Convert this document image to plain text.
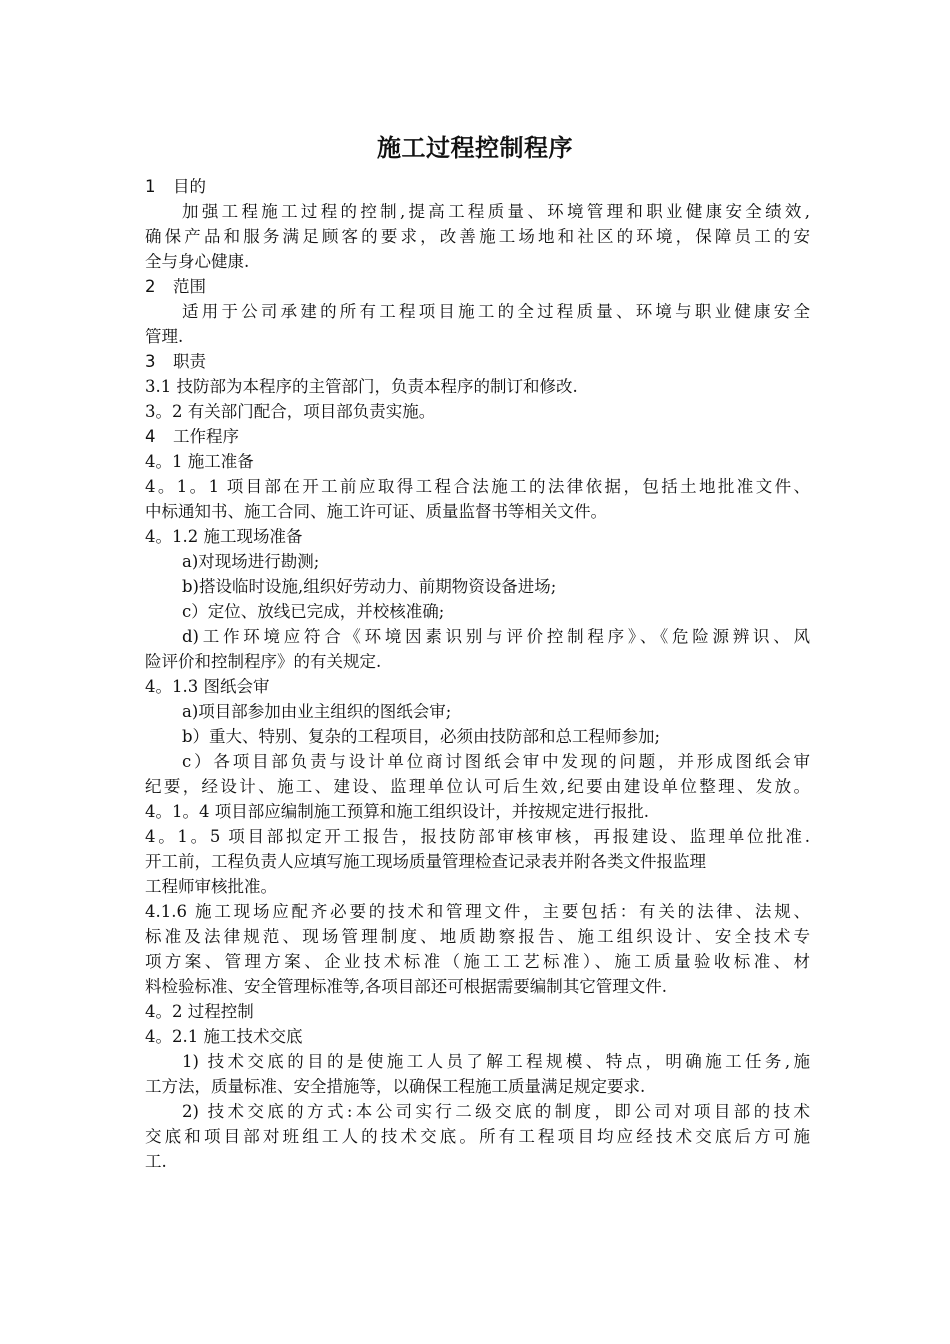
施工过程控制程序
1 目的
加强工程施工过程的控制,提高工程质量、环境管理和职业健康安全绩效,
确保产品和服务满足顾客的要求，改善施工场地和社区的环境，保障员工的安
全与身心健康.
2 范围
适用于公司承建的所有工程项目施工的全过程质量、环境与职业健康安全
管理.
3 职责
3.1 技防部为本程序的主管部门，负责本程序的制订和修改.
3。2 有关部门配合，项目部负责实施。
4 工作程序
4。1 施工准备
4。1。1 项目部在开工前应取得工程合法施工的法律依据，包括土地批准文件、
中标通知书、施工合同、施工许可证、质量监督书等相关文件。
4。1.2 施工现场准备
a)对现场进行勘测;
b)搭设临时设施,组织好劳动力、前期物资设备进场;
c）定位、放线已完成，并校核准确;
d)工作环境应符合《环境因素识别与评价控制程序》、《危险源辨识、风
险评价和控制程序》的有关规定.
4。1.3 图纸会审
a)项目部参加由业主组织的图纸会审;
b）重大、特别、复杂的工程项目，必须由技防部和总工程师参加;
c）各项目部负责与设计单位商讨图纸会审中发现的问题，并形成图纸会审
纪要，经设计、施工、建设、监理单位认可后生效,纪要由建设单位整理、发放。
4。1。4 项目部应编制施工预算和施工组织设计，并按规定进行报批.
4。1。5 项目部拟定开工报告，报技防部审核审核，再报建设、监理单位批准.
开工前，工程负责人应填写施工现场质量管理检查记录表并附各类文件报监理
工程师审核批准。
4.1.6 施工现场应配齐必要的技术和管理文件，主要包括：有关的法律、法规、
标准及法律规范、现场管理制度、地质勘察报告、施工组织设计、安全技术专
项方案、管理方案、企业技术标准（施工工艺标准）、施工质量验收标准、材
料检验标准、安全管理标准等,各项目部还可根据需要编制其它管理文件.
4。2 过程控制
4。2.1 施工技术交底
1) 技术交底的目的是使施工人员了解工程规模、特点，明确施工任务,施
工方法，质量标准、安全措施等，以确保工程施工质量满足规定要求.
2) 技术交底的方式:本公司实行二级交底的制度，即公司对项目部的技术
交底和项目部对班组工人的技术交底。所有工程项目均应经技术交底后方可施
工.
